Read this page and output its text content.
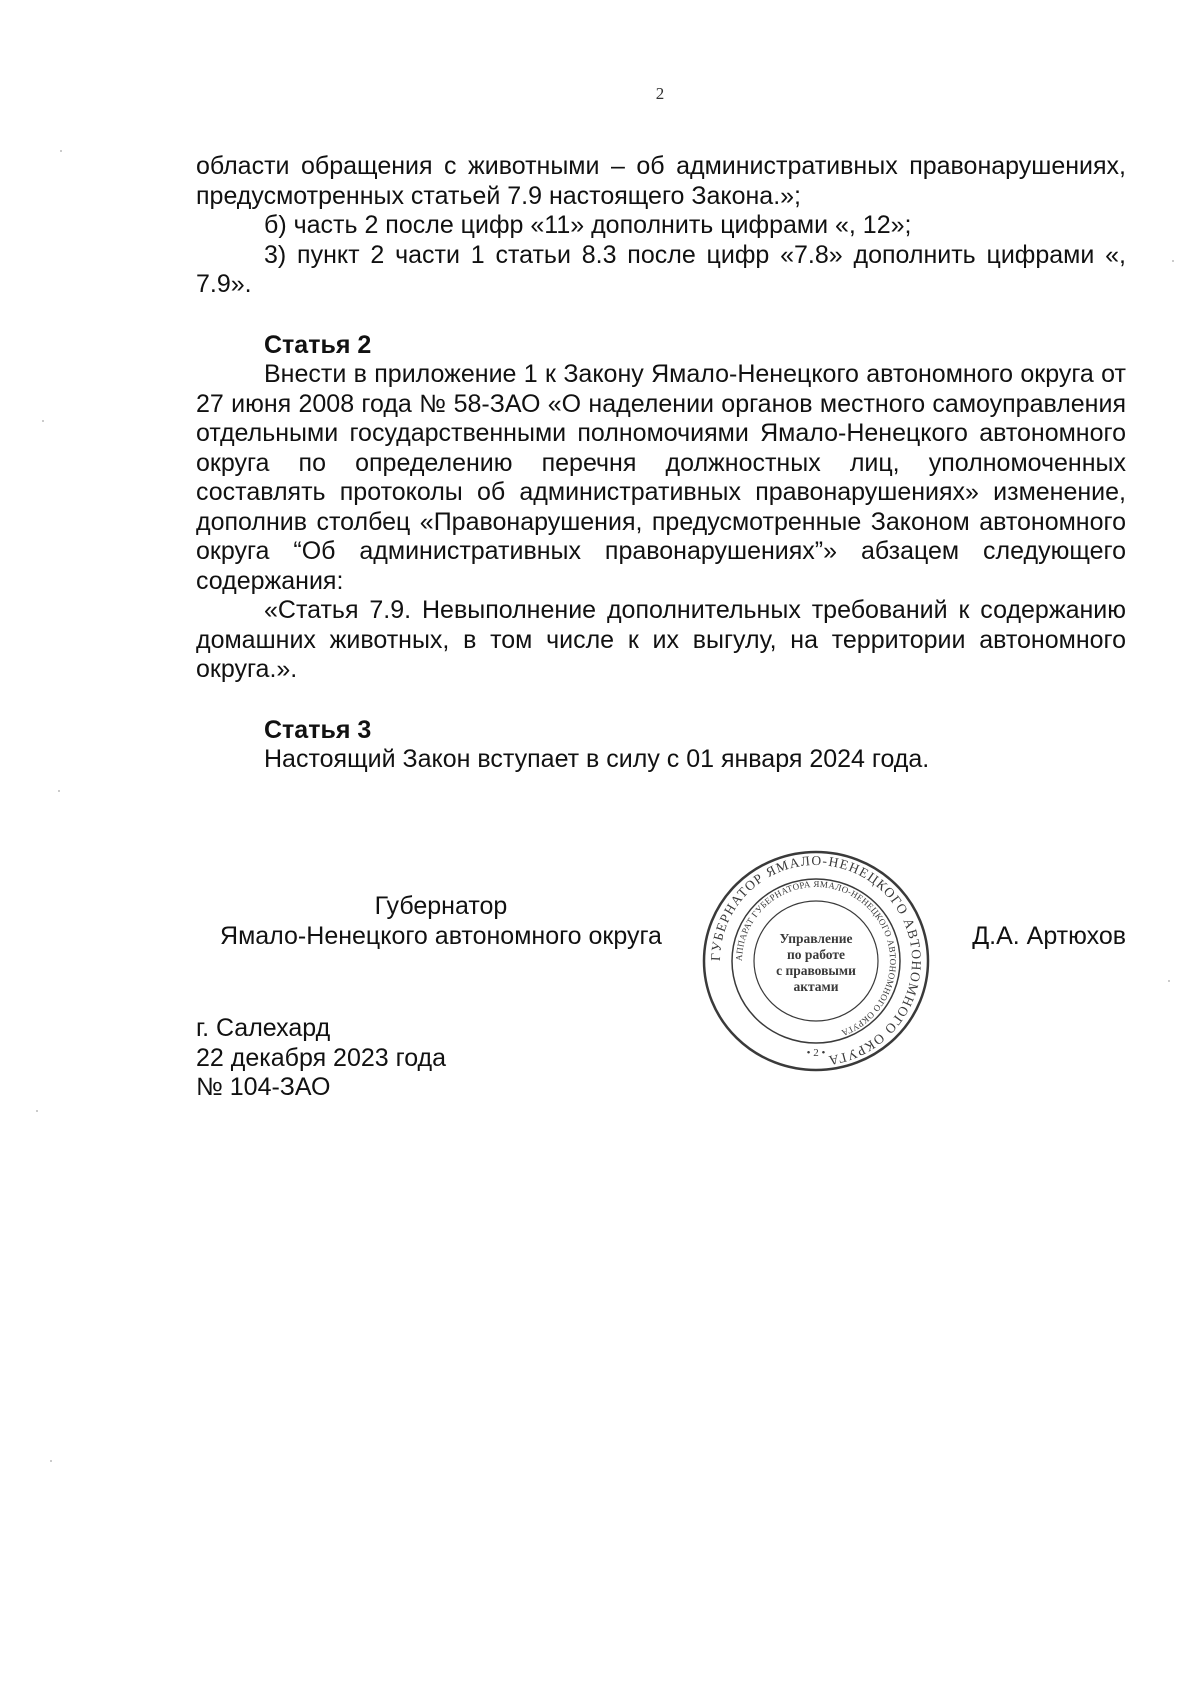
2

области обращения с животными – об административных правонарушениях, предусмотренных статьей 7.9 настоящего Закона.»;

б) часть 2 после цифр «11» дополнить цифрами «, 12»;

3) пункт 2 части 1 статьи 8.3 после цифр «7.8» дополнить цифрами «, 7.9».

Статья 2

Внести в приложение 1 к Закону Ямало-Ненецкого автономного округа от 27 июня 2008 года № 58-ЗАО «О наделении органов местного самоуправления отдельными государственными полномочиями Ямало-Ненецкого автономного округа по определению перечня должностных лиц, уполномоченных составлять протоколы об административных правонарушениях» изменение, дополнив столбец «Правонарушения, предусмотренные Законом автономного округа “Об административных правонарушениях”» абзацем следующего содержания:

«Статья 7.9. Невыполнение дополнительных требований к содержанию домашних животных, в том числе к их выгулу, на территории автономного округа.».

Статья 3

Настоящий Закон вступает в силу с 01 января 2024 года.

Губернатор
Ямало-Ненецкого автономного округа	Д.А. Артюхов
ГУБЕРНАТОР ЯМАЛО-НЕНЕЦКОГО АВТОНОМНОГО ОКРУГА
АППАРАТ ГУБЕРНАТОРА ЯМАЛО-НЕНЕЦКОГО АВТОНОМНОГО ОКРУГА
Управление
по работе
с правовыми
актами
• 2 •
г. Салехард
22 декабря 2023 года
№ 104-ЗАО
